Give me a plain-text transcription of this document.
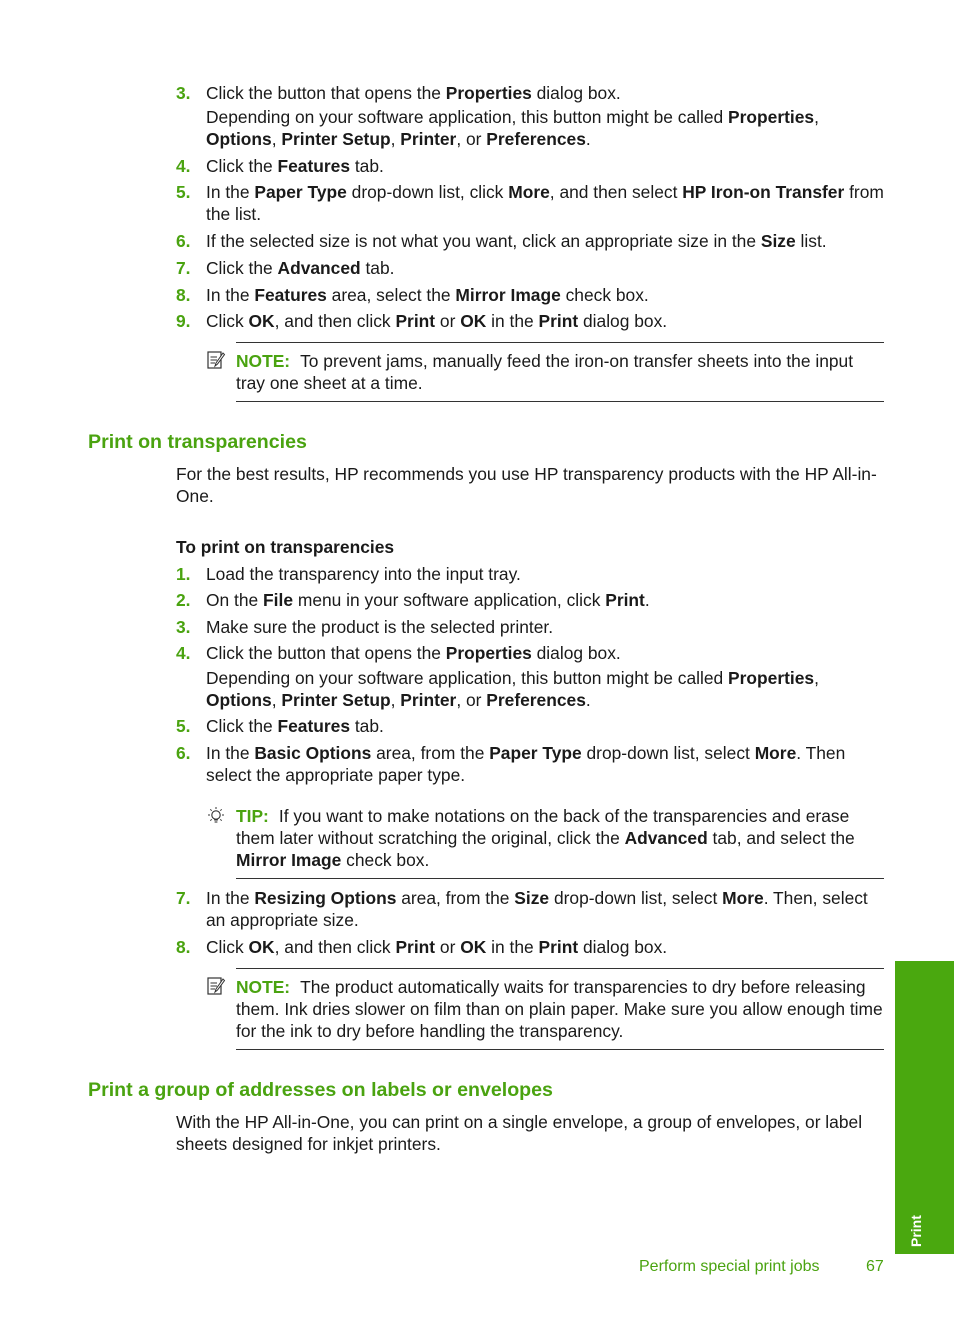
3. Click the button that opens the Properties dialog box.
Depending on your software application, this button might be called Properties, Options, Printer Setup, Printer, or Preferences.
4. Click the Features tab.
5. In the Paper Type drop-down list, click More, and then select HP Iron-on Transfer from the list.
6. If the selected size is not what you want, click an appropriate size in the Size list.
7. Click the Advanced tab.
8. In the Features area, select the Mirror Image check box.
9. Click OK, and then click Print or OK in the Print dialog box.
NOTE: To prevent jams, manually feed the iron-on transfer sheets into the input tray one sheet at a time.
Print on transparencies
For the best results, HP recommends you use HP transparency products with the HP All-in-One.
To print on transparencies
1. Load the transparency into the input tray.
2. On the File menu in your software application, click Print.
3. Make sure the product is the selected printer.
4. Click the button that opens the Properties dialog box.
Depending on your software application, this button might be called Properties, Options, Printer Setup, Printer, or Preferences.
5. Click the Features tab.
6. In the Basic Options area, from the Paper Type drop-down list, select More. Then select the appropriate paper type.
TIP: If you want to make notations on the back of the transparencies and erase them later without scratching the original, click the Advanced tab, and select the Mirror Image check box.
7. In the Resizing Options area, from the Size drop-down list, select More. Then, select an appropriate size.
8. Click OK, and then click Print or OK in the Print dialog box.
NOTE: The product automatically waits for transparencies to dry before releasing them. Ink dries slower on film than on plain paper. Make sure you allow enough time for the ink to dry before handling the transparency.
Print a group of addresses on labels or envelopes
With the HP All-in-One, you can print on a single envelope, a group of envelopes, or label sheets designed for inkjet printers.
Print
Perform special print jobs	67
